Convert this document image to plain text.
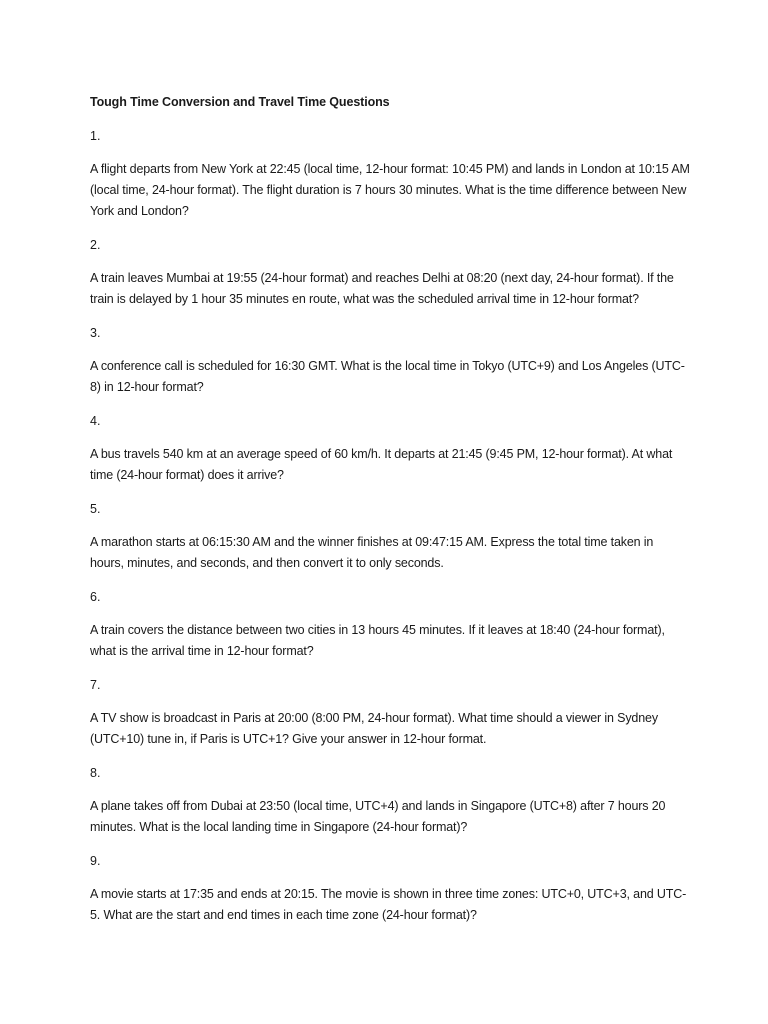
Tough Time Conversion and Travel Time Questions

1.

A flight departs from New York at 22:45 (local time, 12-hour format: 10:45 PM) and lands in London at 10:15 AM (local time, 24-hour format). The flight duration is 7 hours 30 minutes. What is the time difference between New York and London?

2.

A train leaves Mumbai at 19:55 (24-hour format) and reaches Delhi at 08:20 (next day, 24-hour format). If the train is delayed by 1 hour 35 minutes en route, what was the scheduled arrival time in 12-hour format?

3.

A conference call is scheduled for 16:30 GMT. What is the local time in Tokyo (UTC+9) and Los Angeles (UTC-8) in 12-hour format?

4.

A bus travels 540 km at an average speed of 60 km/h. It departs at 21:45 (9:45 PM, 12-hour format). At what time (24-hour format) does it arrive?

5.

A marathon starts at 06:15:30 AM and the winner finishes at 09:47:15 AM. Express the total time taken in hours, minutes, and seconds, and then convert it to only seconds.

6.

A train covers the distance between two cities in 13 hours 45 minutes. If it leaves at 18:40 (24-hour format), what is the arrival time in 12-hour format?

7.

A TV show is broadcast in Paris at 20:00 (8:00 PM, 24-hour format). What time should a viewer in Sydney (UTC+10) tune in, if Paris is UTC+1? Give your answer in 12-hour format.

8.

A plane takes off from Dubai at 23:50 (local time, UTC+4) and lands in Singapore (UTC+8) after 7 hours 20 minutes. What is the local landing time in Singapore (24-hour format)?

9.

A movie starts at 17:35 and ends at 20:15. The movie is shown in three time zones: UTC+0, UTC+3, and UTC-5. What are the start and end times in each time zone (24-hour format)?
